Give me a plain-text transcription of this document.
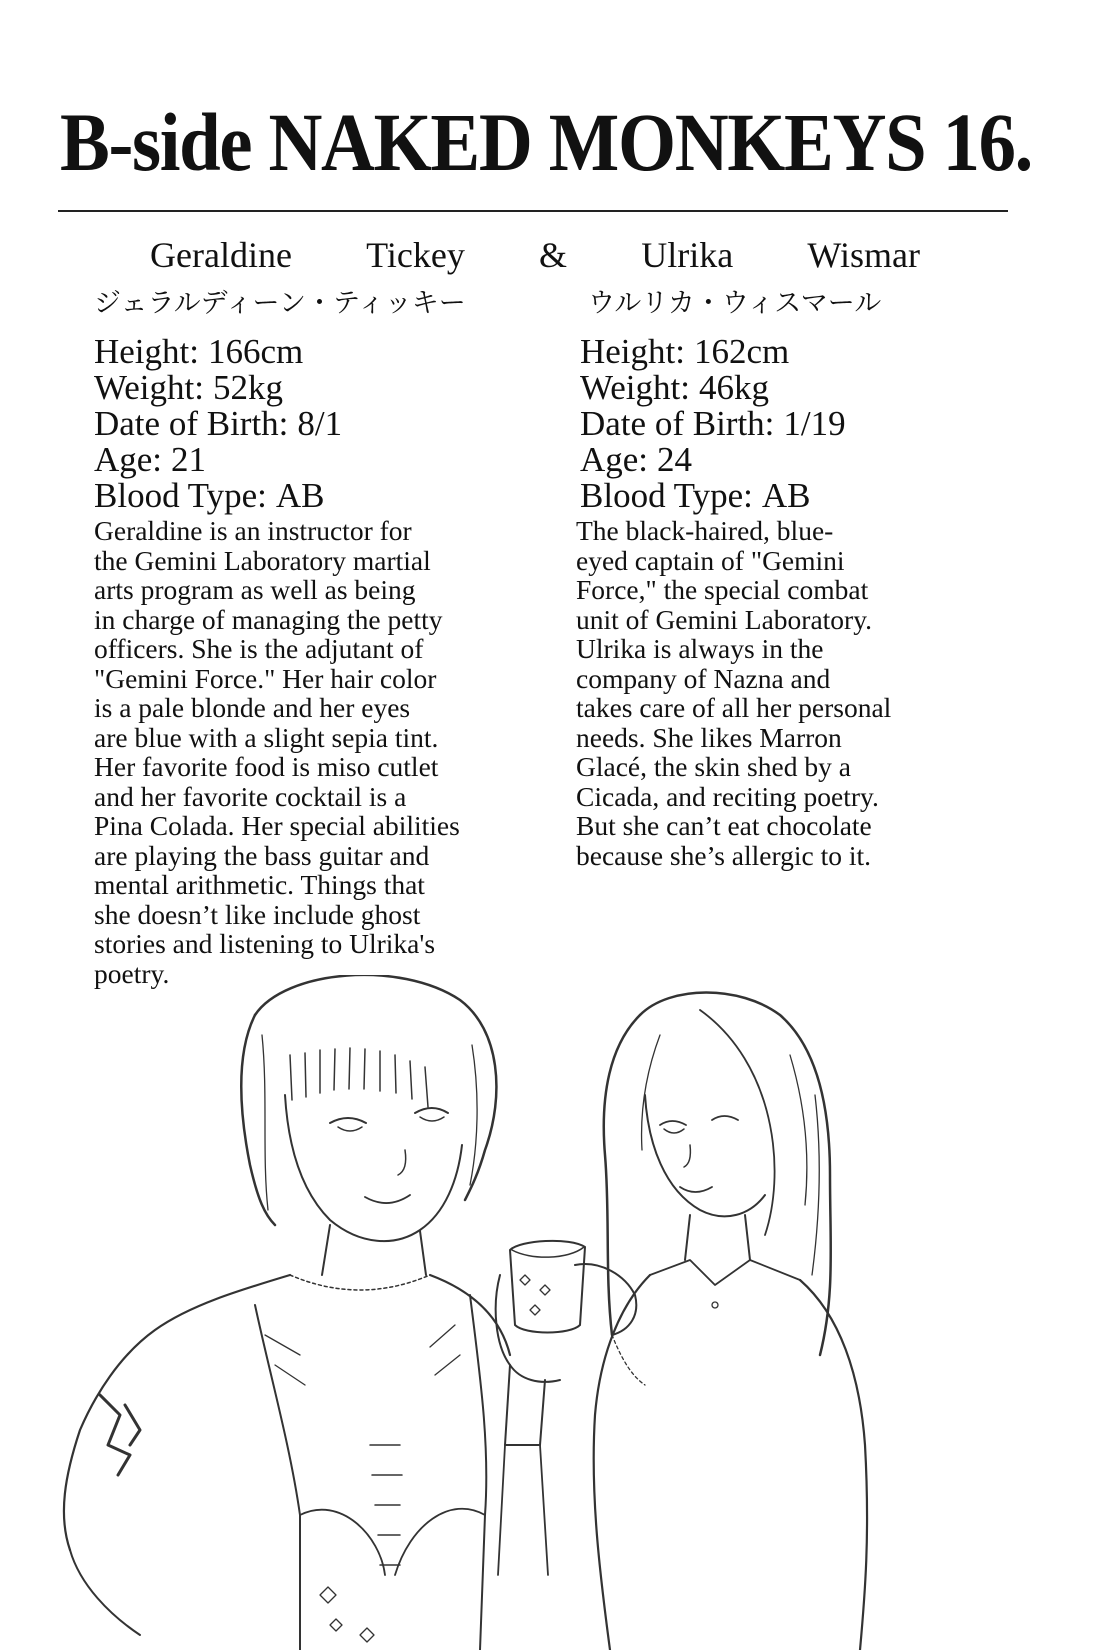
B-side NAKED MONKEYS 16.
Geraldine Tickey & Ulrika Wismar
ジェラルディーン・ティッキー
Height: 166cm
Weight: 52kg
Date of Birth: 8/1
Age: 21
Blood Type: AB
Geraldine is an instructor for
the Gemini Laboratory martial
arts program as well as being
in charge of managing the petty
officers. She is the adjutant of
"Gemini Force." Her hair color
is a pale blonde and her eyes
are blue with a slight sepia tint.
Her favorite food is miso cutlet
and her favorite cocktail is a
Pina Colada. Her special abilities
are playing the bass guitar and
mental arithmetic. Things that
she doesn’t like include ghost
stories and listening to Ulrika's
poetry.
ウルリカ・ウィスマール
Height: 162cm
Weight: 46kg
Date of Birth: 1/19
Age: 24
Blood Type: AB
The black-haired, blue-
eyed captain of "Gemini
Force," the special combat
unit of Gemini Laboratory.
Ulrika is always in the
company of Nazna and
takes care of all her personal
needs. She likes Marron
Glacé, the skin shed by a
Cicada, and reciting poetry.
But she can’t eat chocolate
because she’s allergic to it.
